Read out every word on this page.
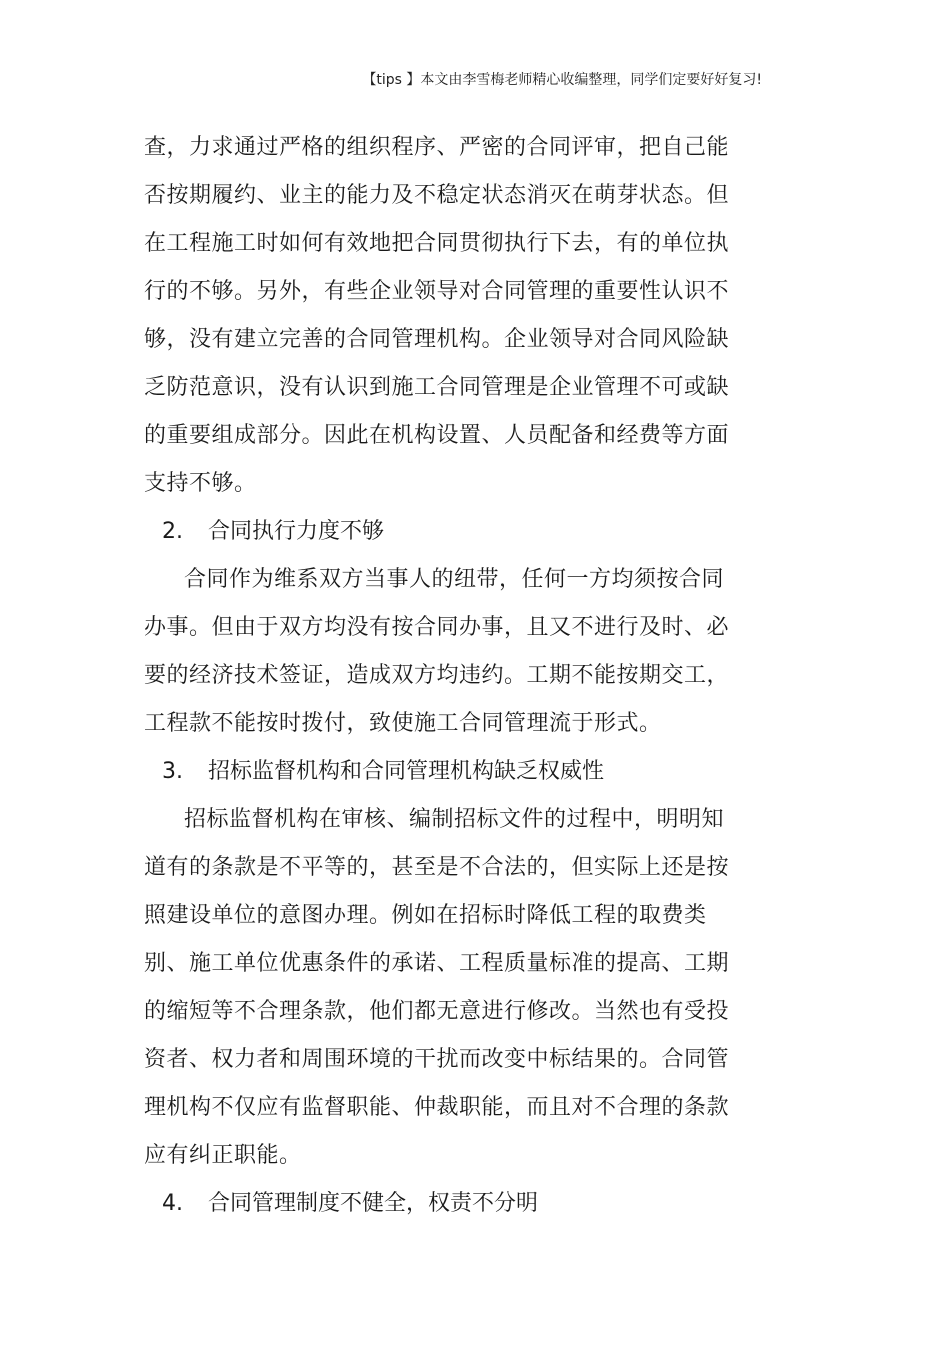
【tips 】本文由李雪梅老师精心收编整理，同学们定要好好复习!
查，力求通过严格的组织程序、严密的合同评审，把自己能
否按期履约、业主的能力及不稳定状态消灭在萌芽状态。但
在工程施工时如何有效地把合同贯彻执行下去，有的单位执
行的不够。另外，有些企业领导对合同管理的重要性认识不
够，没有建立完善的合同管理机构。企业领导对合同风险缺
乏防范意识，没有认识到施工合同管理是企业管理不可或缺
的重要组成部分。因此在机构设置、人员配备和经费等方面
支持不够。
2. 合同执行力度不够
合同作为维系双方当事人的纽带，任何一方均须按合同
办事。但由于双方均没有按合同办事，且又不进行及时、必
要的经济技术签证，造成双方均违约。工期不能按期交工，
工程款不能按时拨付，致使施工合同管理流于形式。
3. 招标监督机构和合同管理机构缺乏权威性
招标监督机构在审核、编制招标文件的过程中，明明知
道有的条款是不平等的，甚至是不合法的，但实际上还是按
照建设单位的意图办理。例如在招标时降低工程的取费类
别、施工单位优惠条件的承诺、工程质量标准的提高、工期
的缩短等不合理条款，他们都无意进行修改。当然也有受投
资者、权力者和周围环境的干扰而改变中标结果的。合同管
理机构不仅应有监督职能、仲裁职能，而且对不合理的条款
应有纠正职能。
4. 合同管理制度不健全，权责不分明
